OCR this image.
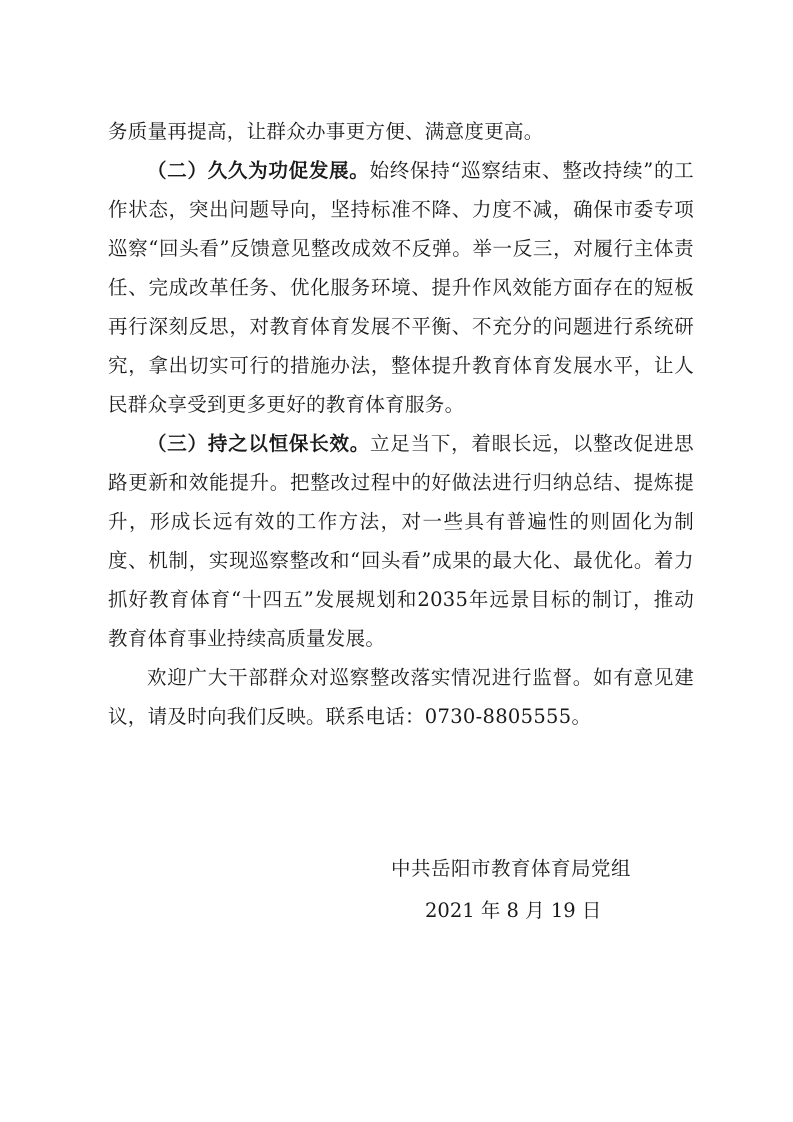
务质量再提高，让群众办事更方便、满意度更高。

（二）久久为功促发展。始终保持“巡察结束、整改持续”的工作状态，突出问题导向，坚持标准不降、力度不减，确保市委专项巡察“回头看”反馈意见整改成效不反弹。举一反三，对履行主体责任、完成改革任务、优化服务环境、提升作风效能方面存在的短板再行深刻反思，对教育体育发展不平衡、不充分的问题进行系统研究，拿出切实可行的措施办法，整体提升教育体育发展水平，让人民群众享受到更多更好的教育体育服务。

（三）持之以恒保长效。立足当下，着眼长远，以整改促进思路更新和效能提升。把整改过程中的好做法进行归纳总结、提炼提升，形成长远有效的工作方法，对一些具有普遍性的则固化为制度、机制，实现巡察整改和“回头看”成果的最大化、最优化。着力抓好教育体育“十四五”发展规划和2035年远景目标的制订，推动教育体育事业持续高质量发展。

欢迎广大干部群众对巡察整改落实情况进行监督。如有意见建议，请及时向我们反映。联系电话：0730-8805555。

中共岳阳市教育体育局党组
2021 年 8 月 19 日
